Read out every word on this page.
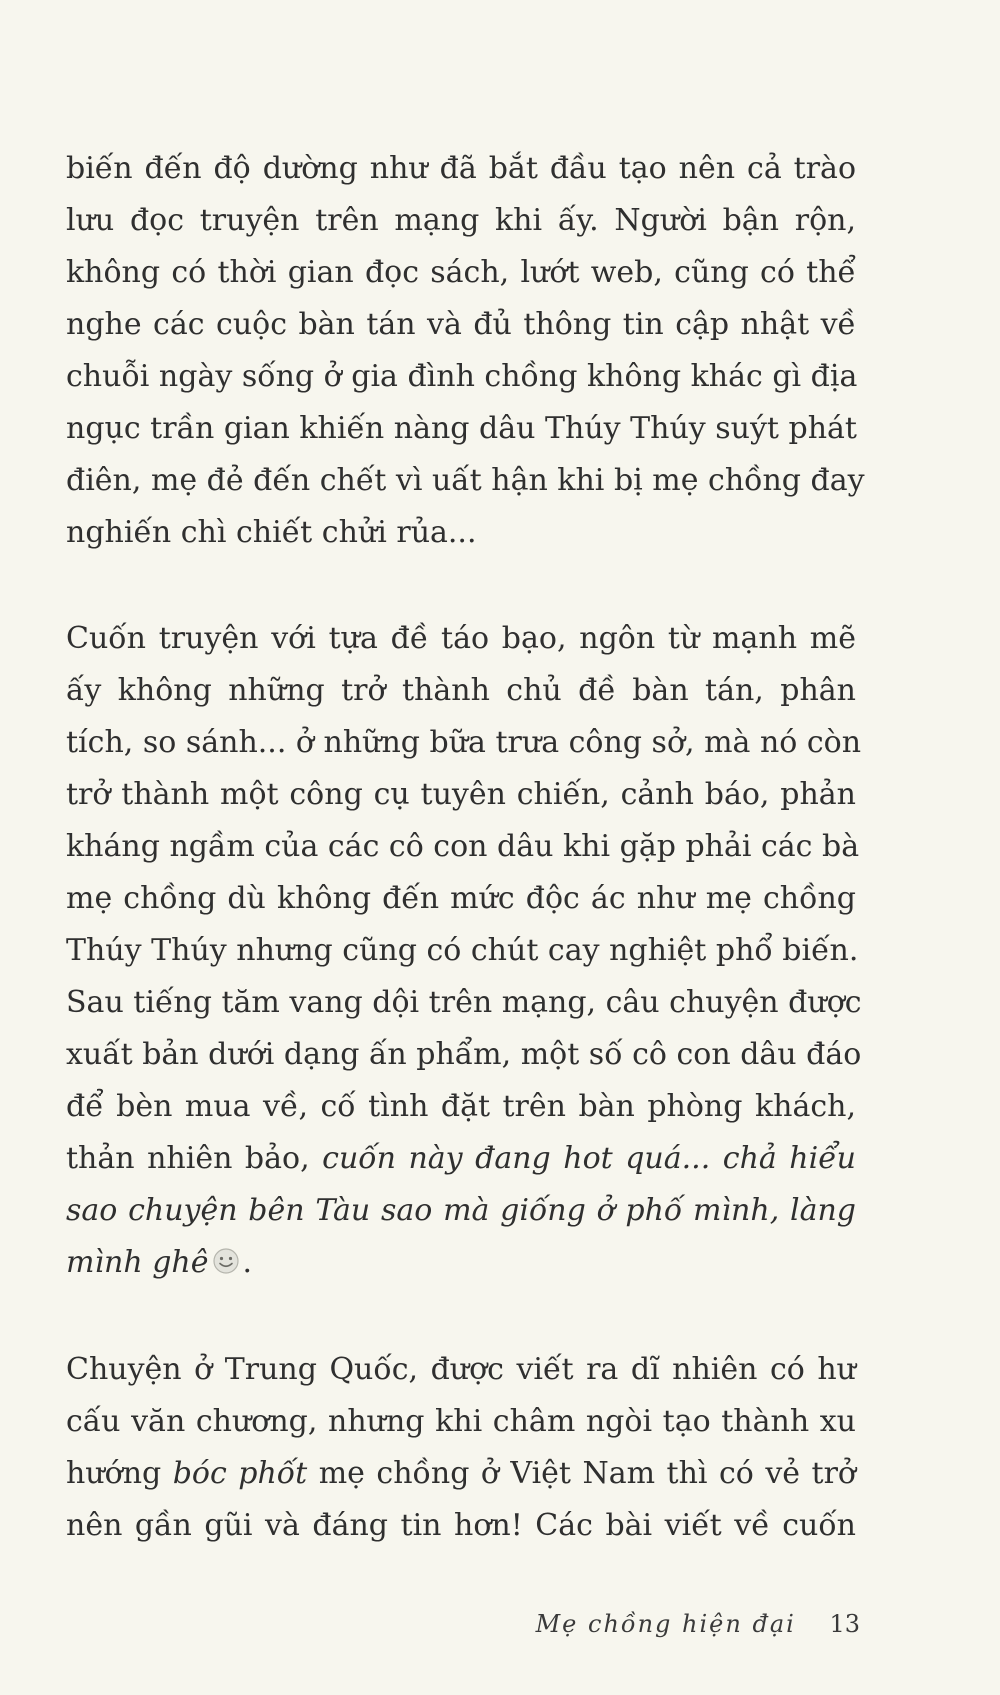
biến đến độ dường như đã bắt đầu tạo nên cả trào
lưu đọc truyện trên mạng khi ấy. Người bận rộn,
không có thời gian đọc sách, lướt web, cũng có thể
nghe các cuộc bàn tán và đủ thông tin cập nhật về
chuỗi ngày sống ở gia đình chồng không khác gì địa
ngục trần gian khiến nàng dâu Thúy Thúy suýt phát
điên, mẹ đẻ đến chết vì uất hận khi bị mẹ chồng đay
nghiến chì chiết chửi rủa...

Cuốn truyện với tựa đề táo bạo, ngôn từ mạnh mẽ
ấy không những trở thành chủ đề bàn tán, phân
tích, so sánh... ở những bữa trưa công sở, mà nó còn
trở thành một công cụ tuyên chiến, cảnh báo, phản
kháng ngầm của các cô con dâu khi gặp phải các bà
mẹ chồng dù không đến mức độc ác như mẹ chồng
Thúy Thúy nhưng cũng có chút cay nghiệt phổ biến.
Sau tiếng tăm vang dội trên mạng, câu chuyện được
xuất bản dưới dạng ấn phẩm, một số cô con dâu đáo
để bèn mua về, cố tình đặt trên bàn phòng khách,
thản nhiên bảo, cuốn này đang hot quá... chả hiểu
sao chuyện bên Tàu sao mà giống ở phố mình, làng
mình ghê .

Chuyện ở Trung Quốc, được viết ra dĩ nhiên có hư
cấu văn chương, nhưng khi châm ngòi tạo thành xu
hướng bóc phốt mẹ chồng ở Việt Nam thì có vẻ trở
nên gần gũi và đáng tin hơn! Các bài viết về cuốn

Mẹ chồng hiện đại 13
